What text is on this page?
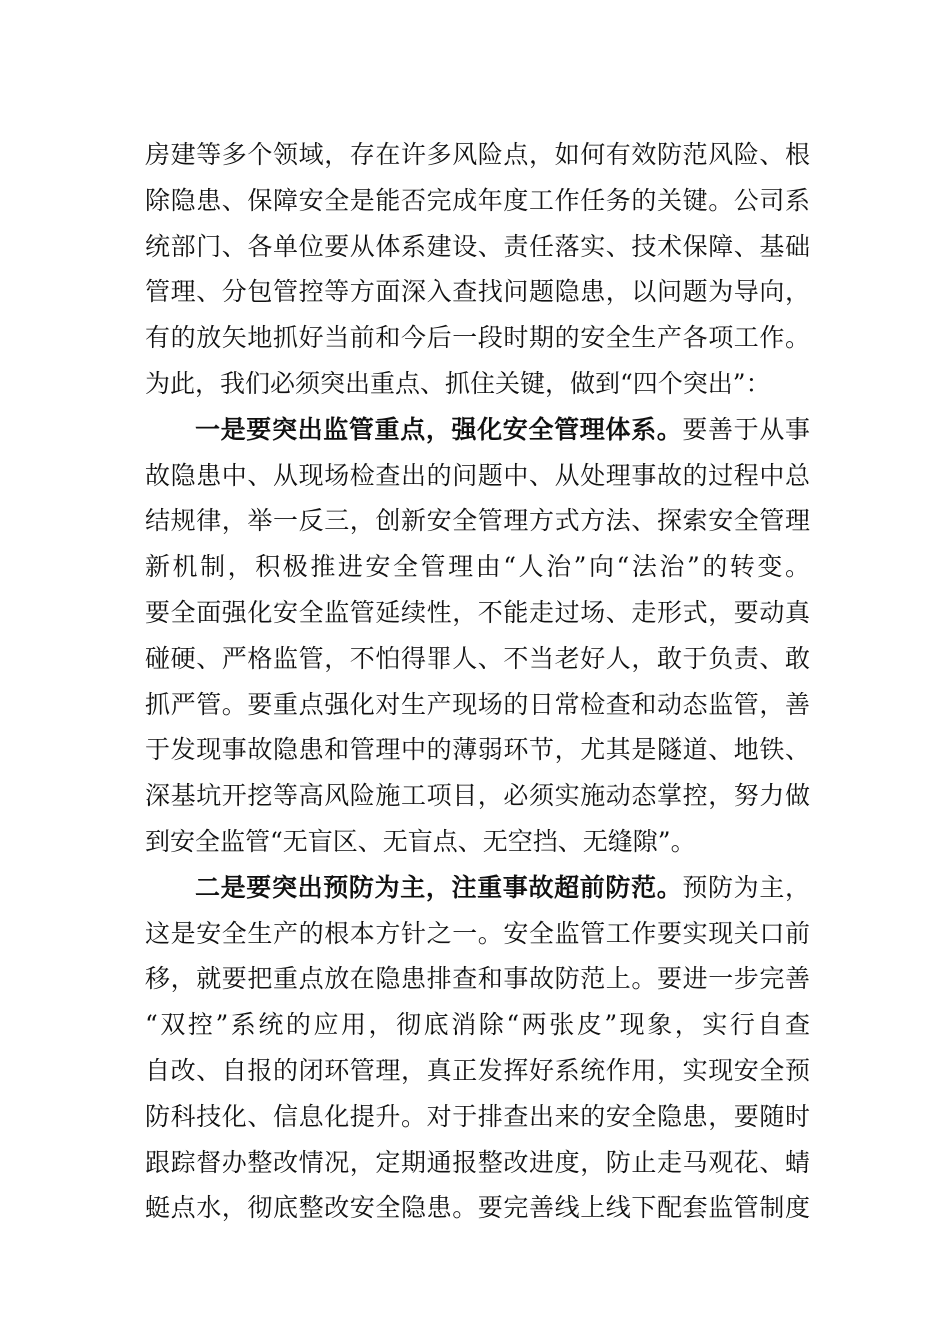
房建等多个领域，存在许多风险点，如何有效防范风险、根
除隐患、保障安全是能否完成年度工作任务的关键。公司系
统部门、各单位要从体系建设、责任落实、技术保障、基础
管理、分包管控等方面深入查找问题隐患，以问题为导向，
有的放矢地抓好当前和今后一段时期的安全生产各项工作。
为此，我们必须突出重点、抓住关键，做到“四个突出”：
一是要突出监管重点，强化安全管理体系。要善于从事
故隐患中、从现场检查出的问题中、从处理事故的过程中总
结规律，举一反三，创新安全管理方式方法、探索安全管理
新机制，积极推进安全管理由“人治”向“法治”的转变。
要全面强化安全监管延续性，不能走过场、走形式，要动真
碰硬、严格监管，不怕得罪人、不当老好人，敢于负责、敢
抓严管。要重点强化对生产现场的日常检查和动态监管，善
于发现事故隐患和管理中的薄弱环节，尤其是隧道、地铁、
深基坑开挖等高风险施工项目，必须实施动态掌控，努力做
到安全监管“无盲区、无盲点、无空挡、无缝隙”。
二是要突出预防为主，注重事故超前防范。预防为主，
这是安全生产的根本方针之一。安全监管工作要实现关口前
移，就要把重点放在隐患排查和事故防范上。要进一步完善
“双控”系统的应用，彻底消除“两张皮”现象，实行自查
自改、自报的闭环管理，真正发挥好系统作用，实现安全预
防科技化、信息化提升。对于排查出来的安全隐患，要随时
跟踪督办整改情况，定期通报整改进度，防止走马观花、蜻
蜓点水，彻底整改安全隐患。要完善线上线下配套监管制度
